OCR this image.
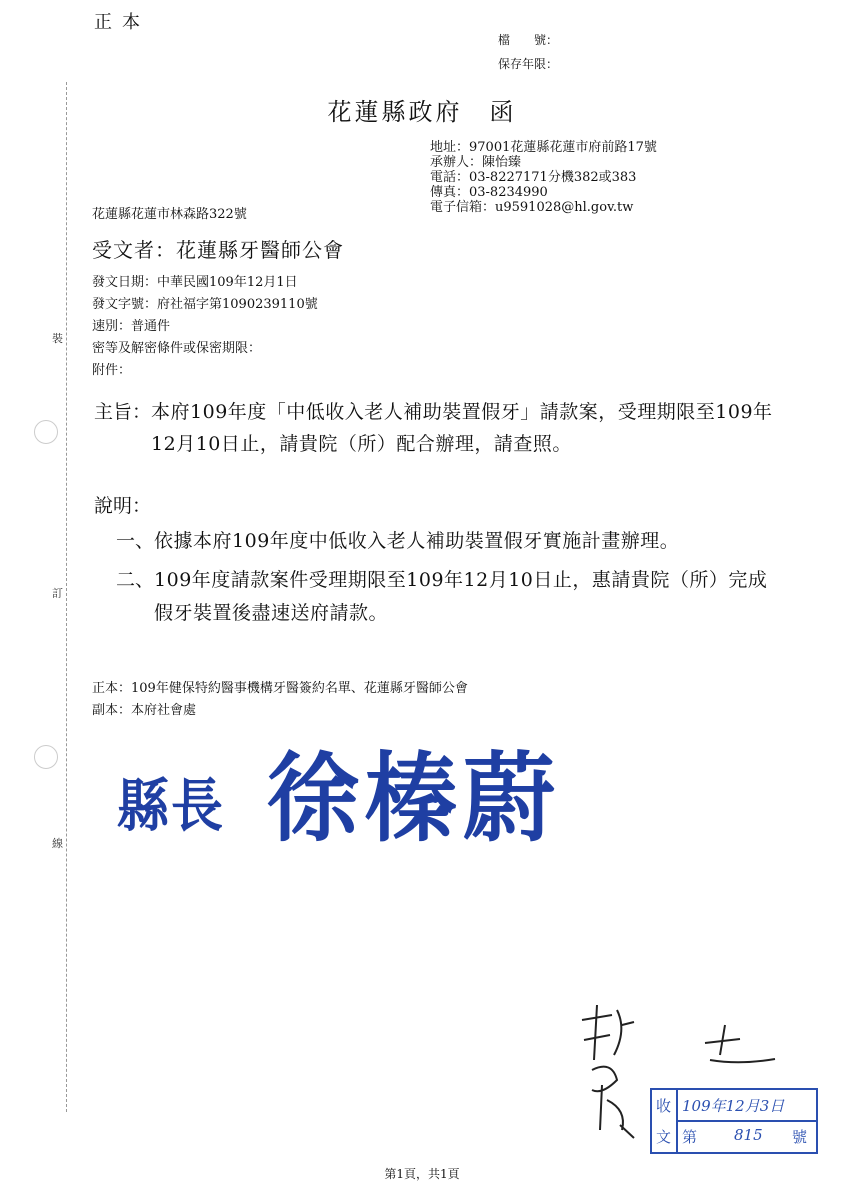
正本
檔　　號：
保存年限：
裝
訂
線
花蓮縣政府　函
地址：97001花蓮縣花蓮市府前路17號
承辦人：陳怡臻
電話：03-8227171分機382或383
傳真：03-8234990
電子信箱：u9591028@hl.gov.tw
花蓮縣花蓮市林森路322號
受文者：花蓮縣牙醫師公會
發文日期：中華民國109年12月1日
發文字號：府社福字第1090239110號
速別：普通件
密等及解密條件或保密期限：
附件：
主旨： 本府109年度「中低收入老人補助裝置假牙」請款案，受理期限至109年12月10日止，請貴院（所）配合辦理，請查照。
說明：
一、 依據本府109年度中低收入老人補助裝置假牙實施計畫辦理。
二、 109年度請款案件受理期限至109年12月10日止，惠請貴院（所）完成假牙裝置後盡速送府請款。
正本：109年健保特約醫事機構牙醫簽約名單、花蓮縣牙醫師公會
副本：本府社會處
縣長 徐榛蔚
收
文
109年12月3日
第 815 號
第1頁，共1頁
